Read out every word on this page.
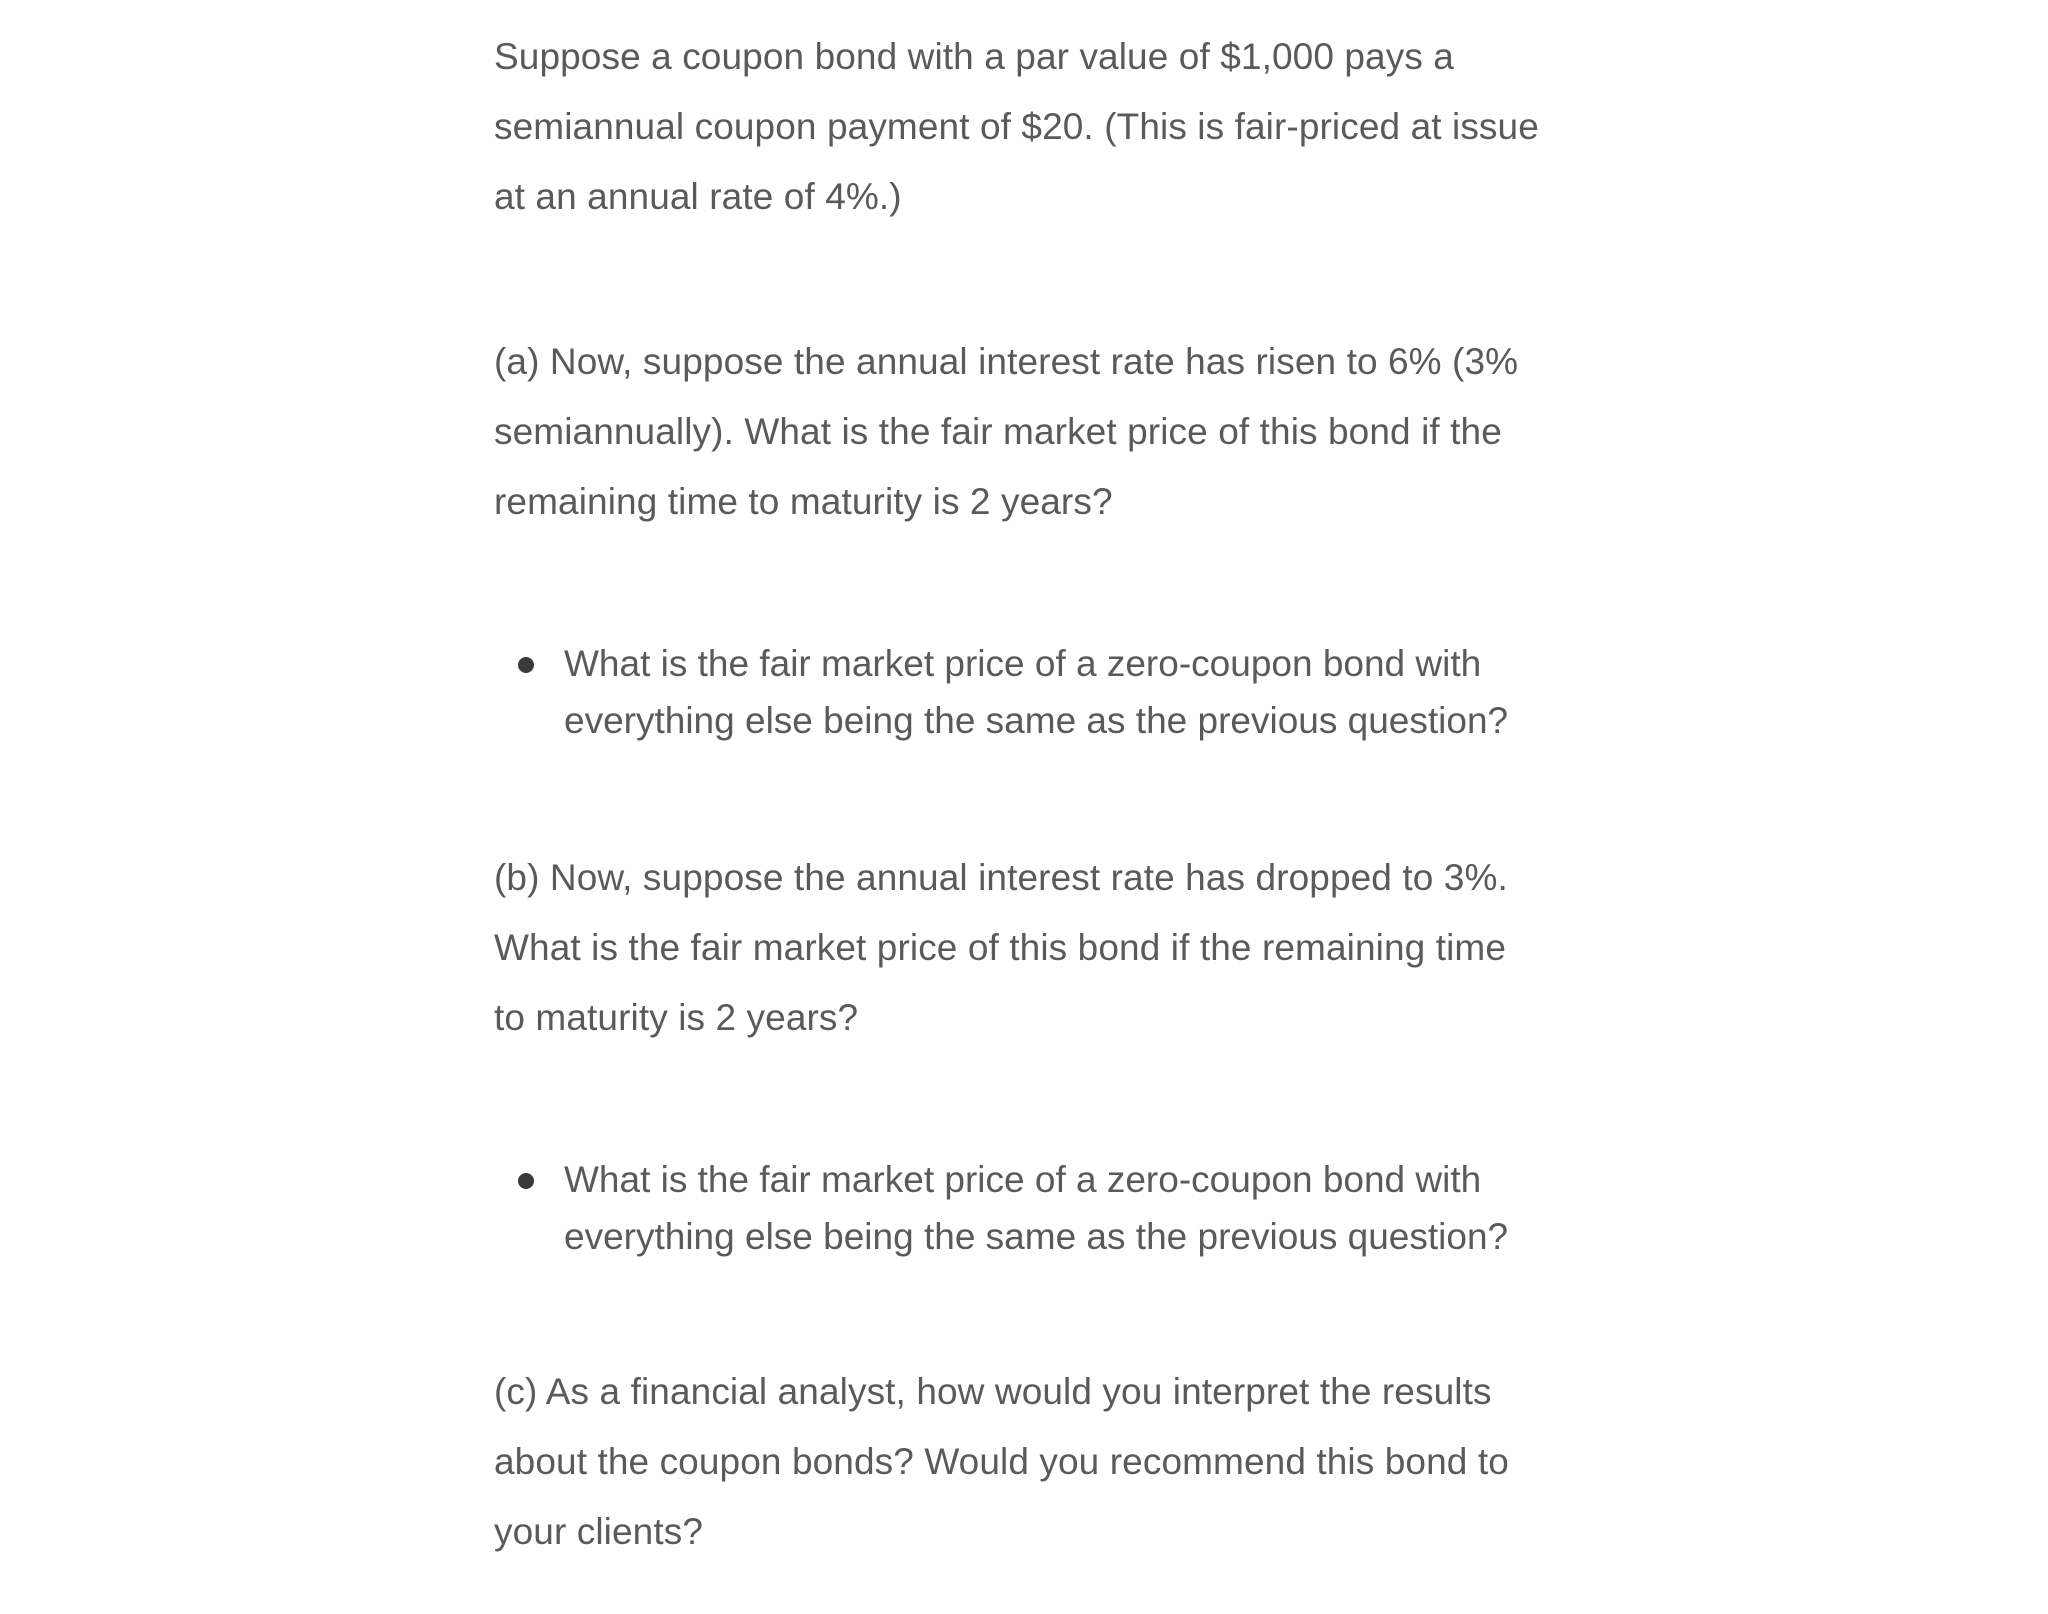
Suppose a coupon bond with a par value of $1,000 pays a
semiannual coupon payment of $20. (This is fair-priced at issue
at an annual rate of 4%.)

(a) Now, suppose the annual interest rate has risen to 6% (3%
semiannually). What is the fair market price of this bond if the
remaining time to maturity is 2 years?

What is the fair market price of a zero-coupon bond with
everything else being the same as the previous question?

(b) Now, suppose the annual interest rate has dropped to 3%.
What is the fair market price of this bond if the remaining time
to maturity is 2 years?

What is the fair market price of a zero-coupon bond with
everything else being the same as the previous question?

(c) As a financial analyst, how would you interpret the results
about the coupon bonds? Would you recommend this bond to
your clients?
